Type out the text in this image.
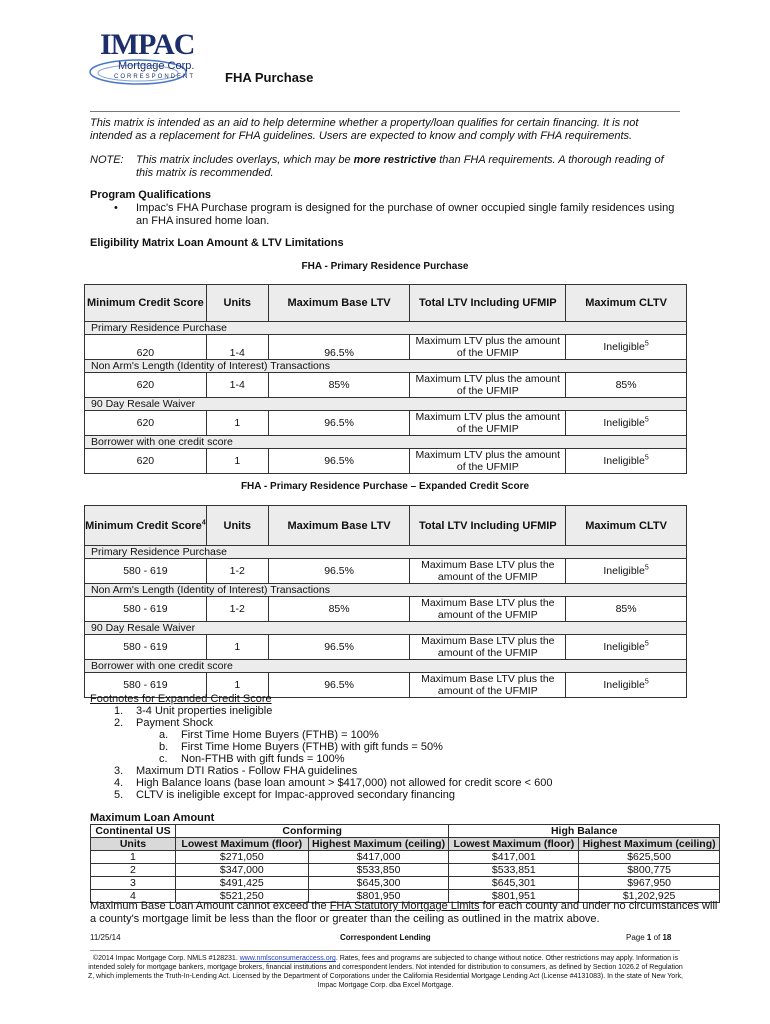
IMPAC
Mortgage Corp.
CORRESPONDENT FHA Purchase
This matrix is intended as an aid to help determine whether a property/loan qualifies for certain financing. It is not intended as a replacement for FHA guidelines. Users are expected to know and comply with FHA requirements.
NOTE: This matrix includes overlays, which may be more restrictive than FHA requirements. A thorough reading of this matrix is recommended.
Program Qualifications
• Impac's FHA Purchase program is designed for the purchase of owner occupied single family residences using an FHA insured home loan.
Eligibility Matrix Loan Amount & LTV Limitations
FHA - Primary Residence Purchase
Minimum Credit Score	Units	Maximum Base LTV	Total LTV Including UFMIP	Maximum CLTV
Primary Residence Purchase				
620	1-4	96.5%	Maximum LTV plus the amount of the UFMIP	Ineligible$^5$
Non Arm's Length (Identity of Interest) Transactions				
620	1-4	85%	Maximum LTV plus the amount of the UFMIP	85%
90 Day Resale Waiver				
620	1	96.5%	Maximum LTV plus the amount of the UFMIP	Ineligible$^5$
Borrower with one credit score				
620	1	96.5%	Maximum LTV plus the amount of the UFMIP	Ineligible$^5$
FHA - Primary Residence Purchase – Expanded Credit Score
Minimum Credit Score$^4$	Units	Maximum Base LTV	Total LTV Including UFMIP	Maximum CLTV
Primary Residence Purchase				
580 - 619	1-2	96.5%	Maximum Base LTV plus the amount of the UFMIP	Ineligible$^5$
Non Arm's Length (Identity of Interest) Transactions				
580 - 619	1-2	85%	Maximum Base LTV plus the amount of the UFMIP	85%
90 Day Resale Waiver				
580 - 619	1	96.5%	Maximum Base LTV plus the amount of the UFMIP	Ineligible$^5$
Borrower with one credit score				
580 - 619	1	96.5%	Maximum Base LTV plus the amount of the UFMIP	Ineligible$^5$
Footnotes for Expanded Credit Score
1. 3-4 Unit properties ineligible
2. Payment Shock
a. First Time Home Buyers (FTHB) = 100%
b. First Time Home Buyers (FTHB) with gift funds = 50%
c. Non-FTHB with gift funds = 100%
3. Maximum DTI Ratios - Follow FHA guidelines
4. High Balance loans (base loan amount > $417,000) not allowed for credit score < 600
5. CLTV is ineligible except for Impac-approved secondary financing
Maximum Loan Amount
Continental US	Conforming		High Balance	
Units	Lowest Maximum (floor)	Highest Maximum (ceiling)	Lowest Maximum (floor)	Highest Maximum (ceiling)
1	$271,050	$417,000	$417,001	$625,500
2	$347,000	$533,850	$533,851	$800,775
3	$491,425	$645,300	$645,301	$967,950
4	$521,250	$801,950	$801,951	$1,202,925
Maximum Base Loan Amount cannot exceed the FHA Statutory Mortgage Limits for each county and under no circumstances will a county's mortgage limit be less than the floor or greater than the ceiling as outlined in the matrix above.
11/25/14	Correspondent Lending	Page 1 of 18
©2014 Impac Mortgage Corp. NMLS #128231. www.nmlsconsumeraccess.org. Rates, fees and programs are subjected to change without notice. Other restrictions may apply. Information is intended solely for mortgage bankers, mortgage brokers, financial institutions and correspondent lenders. Not intended for distribution to consumers, as defined by Section 1026.2 of Regulation Z, which implements the Truth-In-Lending Act. Licensed by the Department of Corporations under the California Residential Mortgage Lending Act (License #4131083). In the state of New York, Impac Mortgage Corp. dba Excel Mortgage.
